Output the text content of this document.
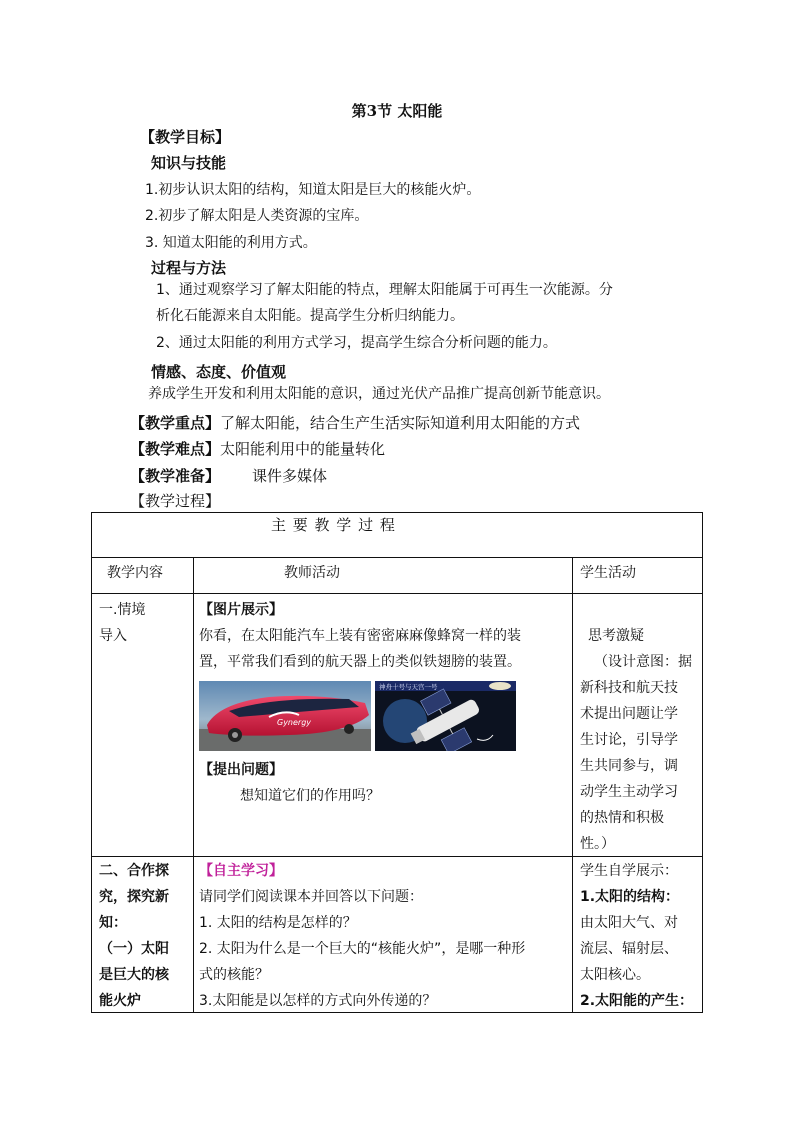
第3节 太阳能
【教学目标】
知识与技能
1.初步认识太阳的结构，知道太阳是巨大的核能火炉。
2.初步了解太阳是人类资源的宝库。
3. 知道太阳能的利用方式。
过程与方法
1、通过观察学习了解太阳能的特点，理解太阳能属于可再生一次能源。分
析化石能源来自太阳能。提高学生分析归纳能力。
2、通过太阳能的利用方式学习，提高学生综合分析问题的能力。
情感、态度、价值观
养成学生开发和利用太阳能的意识，通过光伏产品推广提高创新节能意识。
【教学重点】了解太阳能，结合生产生活实际知道利用太阳能的方式
【教学难点】太阳能利用中的能量转化
【教学准备】 课件多媒体
【教学过程】
主 要 教 学 过 程
教学内容	教师活动	学生活动
一.情境
导入
【图片展示】
你看，在太阳能汽车上装有密密麻麻像蜂窝一样的装
置，平常我们看到的航天器上的类似铁翅膀的装置。
Gynergy
神舟十号与天宫一号
【提出问题】
想知道它们的作用吗？
思考激疑
（设计意图：据
新科技和航天技
术提出问题让学
生讨论，引导学
生共同参与，调
动学生主动学习
的热情和积极
性。）
二、合作探
究，探究新
知：
（一）太阳
是巨大的核
能火炉
【自主学习】
请同学们阅读课本并回答以下问题：
1. 太阳的结构是怎样的？
2. 太阳为什么是一个巨大的“核能火炉”，是哪一种形
式的核能？
3.太阳能是以怎样的方式向外传递的？
学生自学展示：
1.太阳的结构：
由太阳大气、对
流层、辐射层、
太阳核心。
2.太阳能的产生：
